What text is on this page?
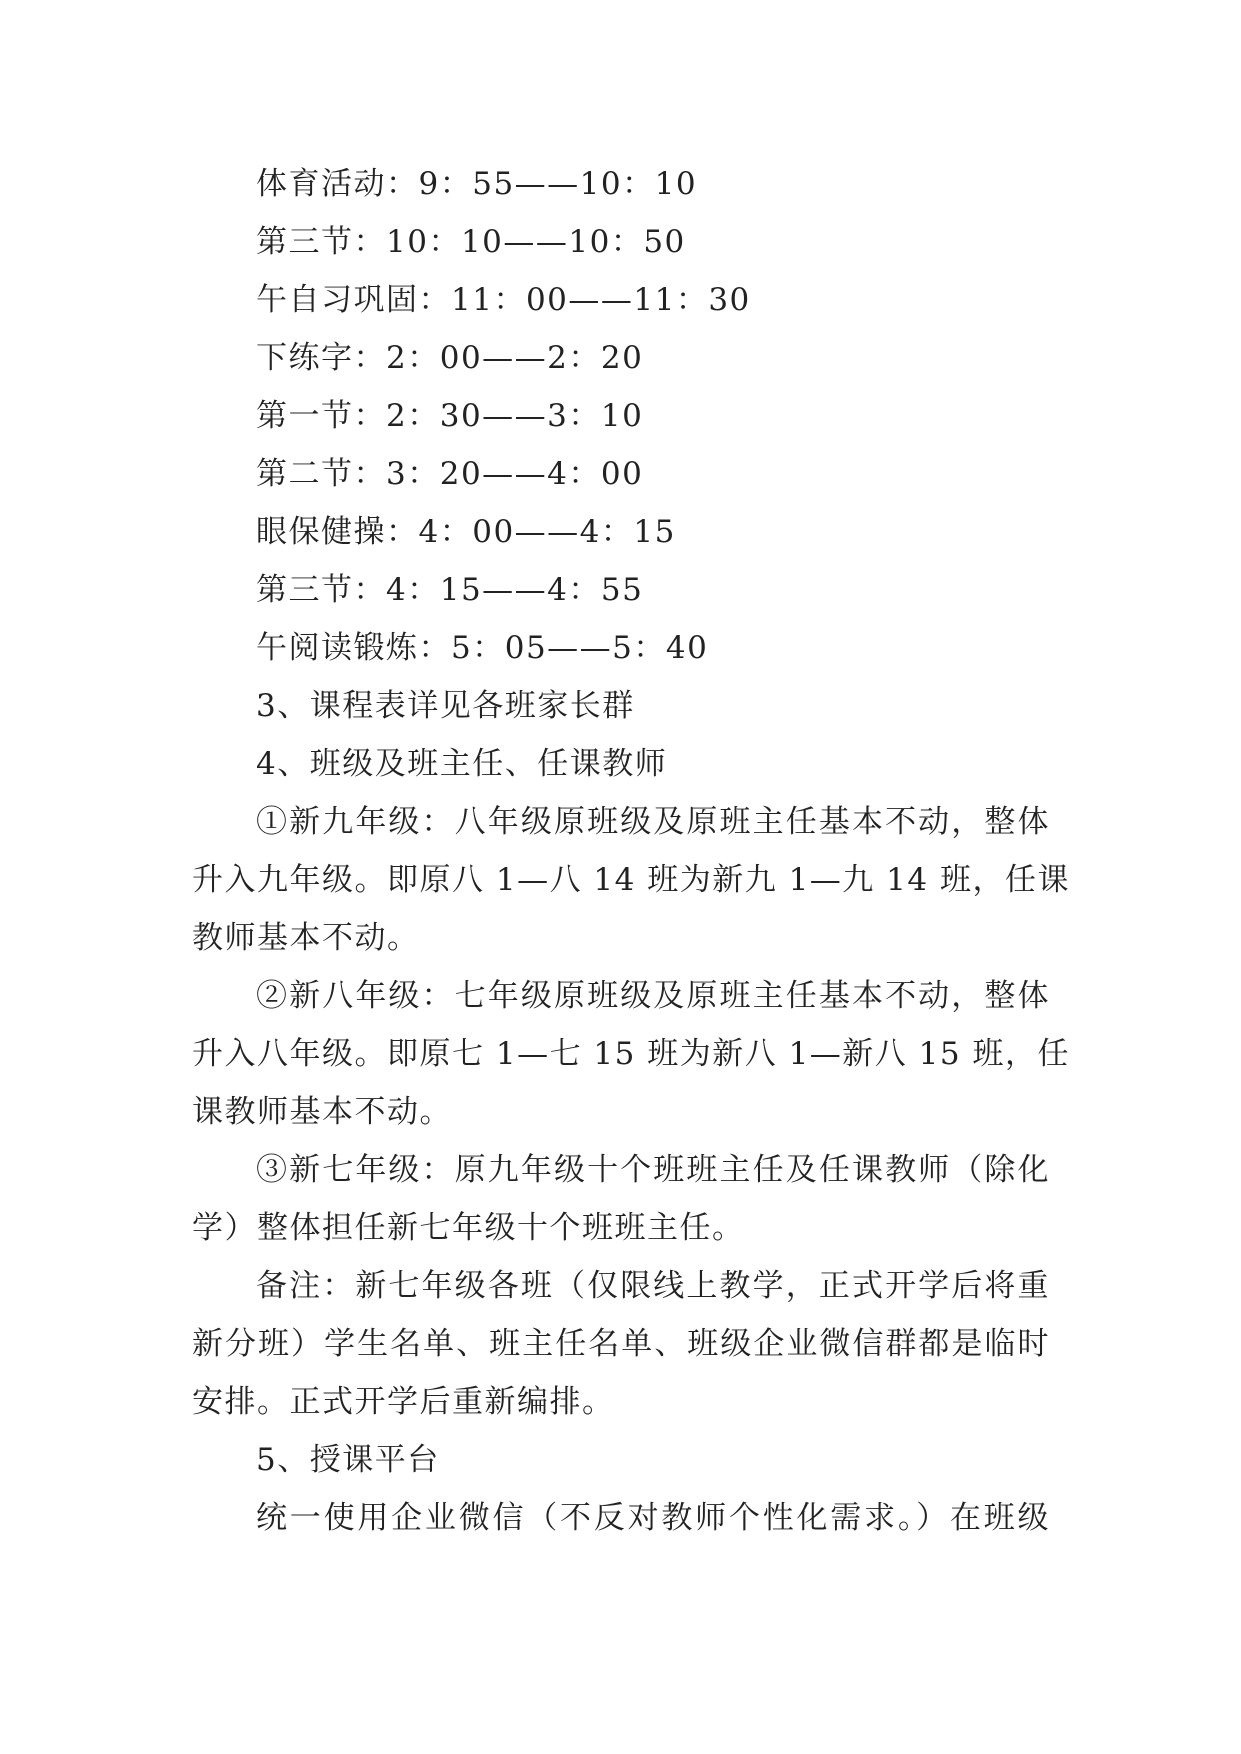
体育活动：9：55——10：10
第三节：10：10——10：50
午自习巩固：11：00——11：30
下练字：2：00——2：20
第一节：2：30——3：10
第二节：3：20——4：00
眼保健操：4：00——4：15
第三节：4：15——4：55
午阅读锻炼：5：05——5：40
3、课程表详见各班家长群
4、班级及班主任、任课教师
①新九年级：八年级原班级及原班主任基本不动，整体
升入九年级。即原八 1—八 14 班为新九 1—九 14 班，任课
教师基本不动。
②新八年级：七年级原班级及原班主任基本不动，整体
升入八年级。即原七 1—七 15 班为新八 1—新八 15 班，任
课教师基本不动。
③新七年级：原九年级十个班班主任及任课教师（除化
学）整体担任新七年级十个班班主任。
备注：新七年级各班（仅限线上教学，正式开学后将重
新分班）学生名单、班主任名单、班级企业微信群都是临时
安排。正式开学后重新编排。
5、授课平台
统一使用企业微信（不反对教师个性化需求。）在班级
